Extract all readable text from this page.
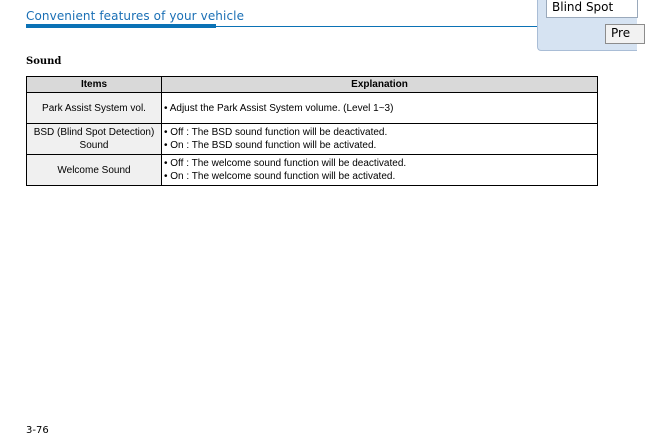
Convenient features of your vehicle
Blind Spot
Pre
Sound
Items	Explanation
Park Assist System vol.	• Adjust the Park Assist System volume. (Level 1~3)

BSD (Blind Spot Detection) Sound	• Off : The BSD sound function will be deactivated.
• On : The BSD sound function will be activated.

Welcome Sound	• Off : The welcome sound function will be deactivated.
• On : The welcome sound function will be activated.
3-76
